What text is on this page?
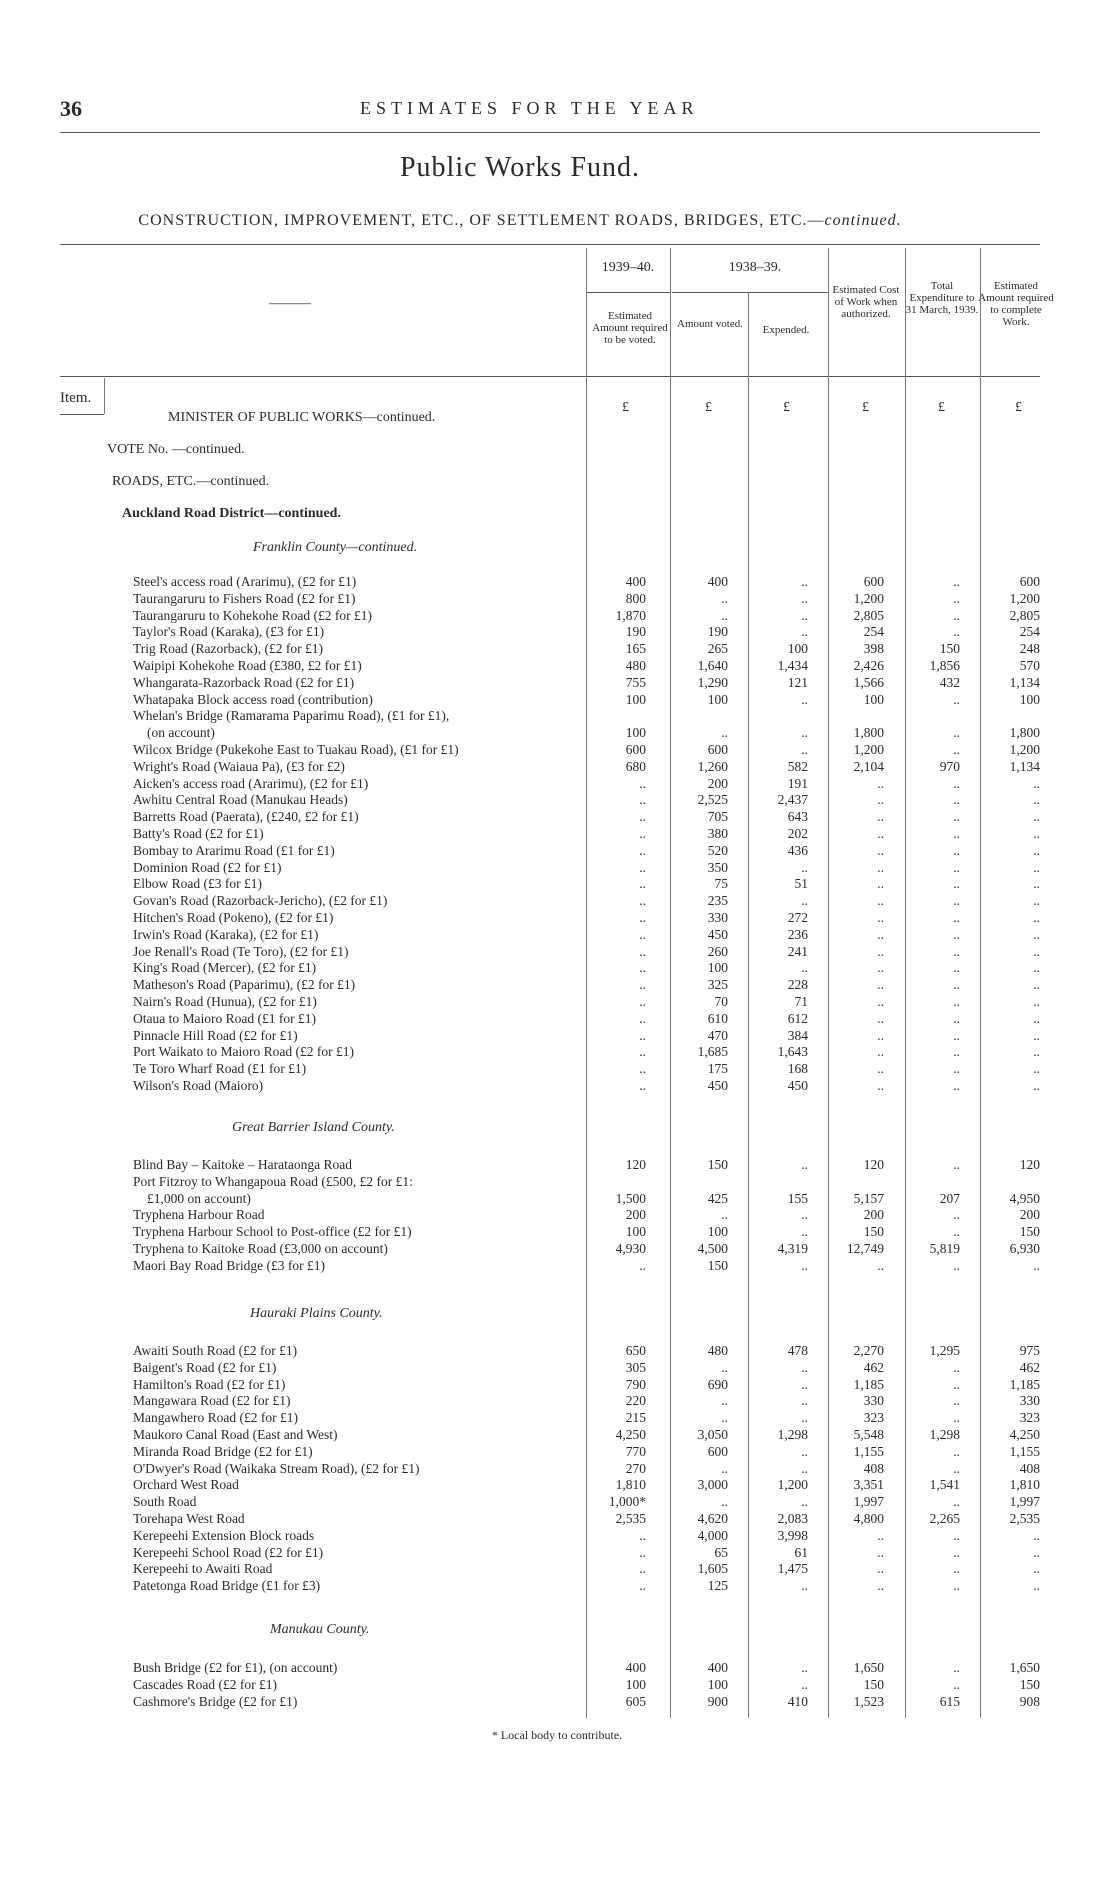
36	ESTIMATES FOR THE YEAR
Public Works Fund.
CONSTRUCTION, IMPROVEMENT, ETC., OF SETTLEMENT ROADS, BRIDGES, ETC.—continued.
———
1939–40.	1938–39.
Estimated Amount required to be voted.
Amount voted.	Expended.
Estimated Cost of Work when authorized.
Total Expenditure to 31 March, 1939.
Estimated Amount required to complete Work.
Item.
£	£	£	£	£	£
MINISTER OF PUBLIC WORKS—continued.
VOTE No. —continued.
ROADS, ETC.—continued.
Auckland Road District—continued.
Franklin County—continued.
Steel's access road (Ararimu), (£2 for £1)	400	400	..	600	..	600
Taurangaruru to Fishers Road (£2 for £1)	800	..	..	1,200	..	1,200
Taurangaruru to Kohekohe Road (£2 for £1)	1,870	..	..	2,805	..	2,805
Taylor's Road (Karaka), (£3 for £1)	190	190	..	254	..	254
Trig Road (Razorback), (£2 for £1)	165	265	100	398	150	248
Waipipi Kohekohe Road (£380, £2 for £1)	480	1,640	1,434	2,426	1,856	570
Whangarata-Razorback Road (£2 for £1)	755	1,290	121	1,566	432	1,134
Whatapaka Block access road (contribution)	100	100	..	100	..	100
Whelan's Bridge (Ramarama Paparimu Road), (£1 for £1),
(on account)	100	..	..	1,800	..	1,800
Wilcox Bridge (Pukekohe East to Tuakau Road), (£1 for £1)	600	600	..	1,200	..	1,200
Wright's Road (Waiaua Pa), (£3 for £2)	680	1,260	582	2,104	970	1,134
Aicken's access road (Ararimu), (£2 for £1)	..	200	191	..	..	..
Awhitu Central Road (Manukau Heads)	..	2,525	2,437	..	..	..
Barretts Road (Paerata), (£240, £2 for £1)	..	705	643	..	..	..
Batty's Road (£2 for £1)	..	380	202	..	..	..
Bombay to Ararimu Road (£1 for £1)	..	520	436	..	..	..
Dominion Road (£2 for £1)	..	350	..	..	..	..
Elbow Road (£3 for £1)	..	75	51	..	..	..
Govan's Road (Razorback-Jericho), (£2 for £1)	..	235	..	..	..	..
Hitchen's Road (Pokeno), (£2 for £1)	..	330	272	..	..	..
Irwin's Road (Karaka), (£2 for £1)	..	450	236	..	..	..
Joe Renall's Road (Te Toro), (£2 for £1)	..	260	241	..	..	..
King's Road (Mercer), (£2 for £1)	..	100	..	..	..	..
Matheson's Road (Paparimu), (£2 for £1)	..	325	228	..	..	..
Nairn's Road (Hunua), (£2 for £1)	..	70	71	..	..	..
Otaua to Maioro Road (£1 for £1)	..	610	612	..	..	..
Pinnacle Hill Road (£2 for £1)	..	470	384	..	..	..
Port Waikato to Maioro Road (£2 for £1)	..	1,685	1,643	..	..	..
Te Toro Wharf Road (£1 for £1)	..	175	168	..	..	..
Wilson's Road (Maioro)	..	450	450	..	..	..
Great Barrier Island County.
Blind Bay – Kaitoke – Harataonga Road	120	150	..	120	..	120
Port Fitzroy to Whangapoua Road (£500, £2 for £1:
£1,000 on account)	1,500	425	155	5,157	207	4,950
Tryphena Harbour Road	200	..	..	200	..	200
Tryphena Harbour School to Post-office (£2 for £1)	100	100	..	150	..	150
Tryphena to Kaitoke Road (£3,000 on account)	4,930	4,500	4,319	12,749	5,819	6,930
Maori Bay Road Bridge (£3 for £1)	..	150	..	..	..	..
Hauraki Plains County.
Awaiti South Road (£2 for £1)	650	480	478	2,270	1,295	975
Baigent's Road (£2 for £1)	305	..	..	462	..	462
Hamilton's Road (£2 for £1)	790	690	..	1,185	..	1,185
Mangawara Road (£2 for £1)	220	..	..	330	..	330
Mangawhero Road (£2 for £1)	215	..	..	323	..	323
Maukoro Canal Road (East and West)	4,250	3,050	1,298	5,548	1,298	4,250
Miranda Road Bridge (£2 for £1)	770	600	..	1,155	..	1,155
O'Dwyer's Road (Waikaka Stream Road), (£2 for £1)	270	..	..	408	..	408
Orchard West Road	1,810	3,000	1,200	3,351	1,541	1,810
South Road	1,000*	..	..	1,997	..	1,997
Torehapa West Road	2,535	4,620	2,083	4,800	2,265	2,535
Kerepeehi Extension Block roads	..	4,000	3,998	..	..	..
Kerepeehi School Road (£2 for £1)	..	65	61	..	..	..
Kerepeehi to Awaiti Road	..	1,605	1,475	..	..	..
Patetonga Road Bridge (£1 for £3)	..	125	..	..	..	..
Manukau County.
Bush Bridge (£2 for £1), (on account)	400	400	..	1,650	..	1,650
Cascades Road (£2 for £1)	100	100	..	150	..	150
Cashmore's Bridge (£2 for £1)	605	900	410	1,523	615	908
* Local body to contribute.
